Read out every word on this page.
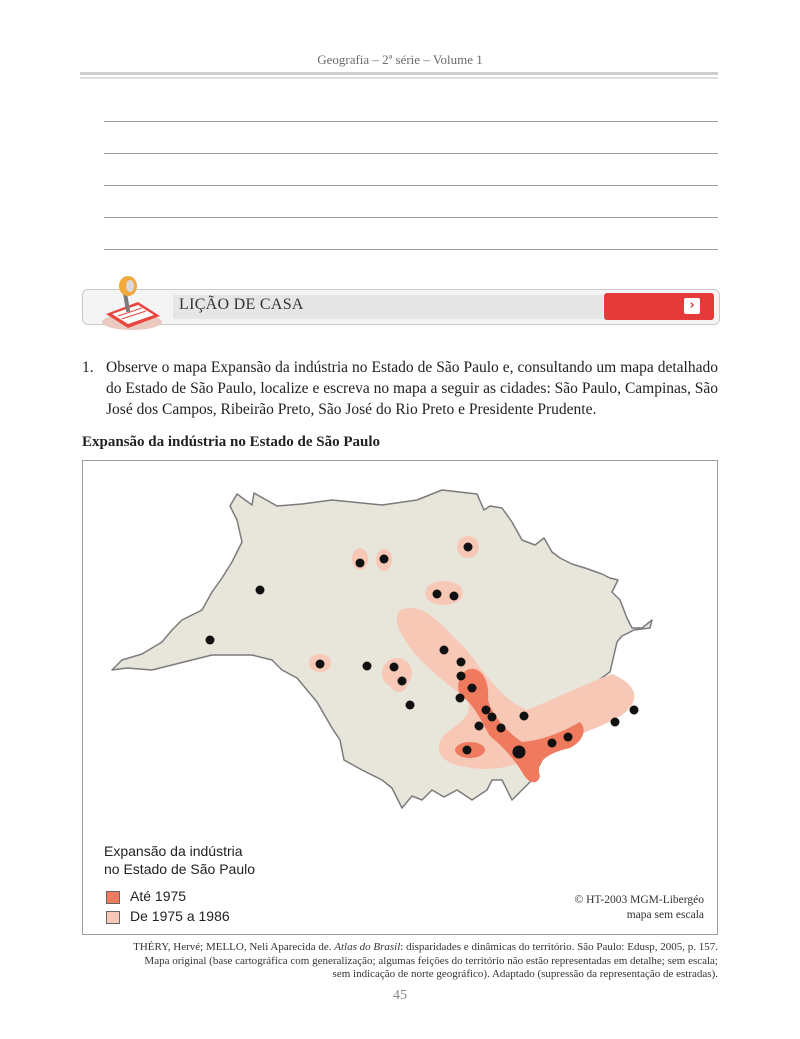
Geografia – 2ª série – Volume 1
LIÇÃO DE CASA	›
1. Observe o mapa Expansão da indústria no Estado de São Paulo e, consultando um mapa detalhado do Estado de São Paulo, localize e escreva no mapa a seguir as cidades: São Paulo, Campinas, São José dos Campos, Ribeirão Preto, São José do Rio Preto e Presidente Prudente.
Expansão da indústria no Estado de São Paulo
Expansão da indústria
no Estado de São Paulo
Até 1975
De 1975 a 1986
© HT-2003 MGM-Libergéo
mapa sem escala
THÉRY, Hervé; MELLO, Neli Aparecida de. Atlas do Brasil: disparidades e dinâmicas do território. São Paulo: Edusp, 2005, p. 157.
Mapa original (base cartográfica com generalização; algumas feições do território não estão representadas em detalhe; sem escala;
sem indicação de norte geográfico). Adaptado (supressão da representação de estradas).
45
